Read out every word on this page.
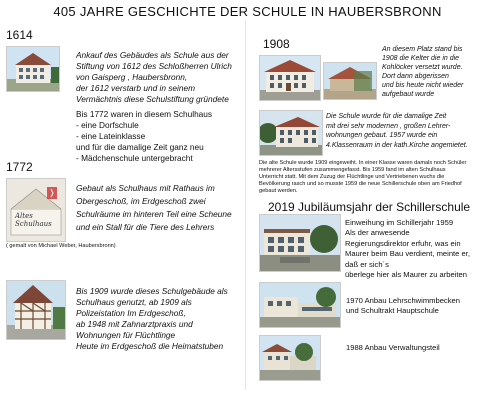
405 JAHRE GESCHICHTE DER SCHULE IN HAUBERSBRONN
1614
Ankauf des Gebäudes als Schule aus der
Stiftung von 1612 des Schloßherren Ulrich
von Gaisperg , Haubersbronn,
der 1612 verstarb und in seinem
Vermächtnis diese Schulstiftung gründete
Bis 1772 waren in diesem Schulhaus
- eine Dorfschule
- eine Lateinklasse
und für die damalige Zeit ganz neu
- Mädchenschule untergebracht
1772
Altes
Schulhaus
Gebaut als Schulhaus mit Rathaus im
Obergeschoß, im Erdgeschoß zwei
Schulräume im hinteren Teil eine Scheune
und ein Stall für die Tiere des Lehrers
( gemalt von Michael Weber, Haubersbronn)
Bis 1909 wurde dieses Schulgebäude als
Schulhaus genutzt, ab 1909 als
Polizeistation Im Erdgeschoß,
ab 1948 mit Zahnarztpraxis und
Wohnungen für Flüchtlinge
Heute im Erdgeschoß die Heimatstuben
1908	An diesem Platz stand bis
1908 die Kelter die in die
Kohlöcker versetzt wurde.
Dort dann abgerissen
und bis heute nicht wieder
aufgebaut wurde
Die Schule wurde für die damalige Zeit
mit drei sehr modernen , großen Lehrer-
wohnungen gebaut. 1957 wurde ein
4.Klassenraum in der kath.Kirche angemietet.
Die alte Schule wurde 1909 eingeweiht. In einer Klasse waren damals noch Schüler
mehrerer Altersstufen zusammengefasst. Bis 1959 fand im alten Schulhaus
Unterricht statt. Mit dem Zuzug der Flüchtlinge und Vertriebenen wuchs die
Bevölkerung rasch und so musste 1959 die neue Schillerschule oben am Friedhof
gebaut werden.
2019 Jubiläumsjahr der Schillerschule
Einweihung im Schillerjahr 1959
Als der anwesende
Regierungsdirektor erfuhr, was ein
Maurer beim Bau verdient, meinte er,
daß er sich´s
überlege hier als Maurer zu arbeiten
1970 Anbau Lehrschwimmbecken
und Schultrakt Hauptschule
1988 Anbau Verwaltungsteil
